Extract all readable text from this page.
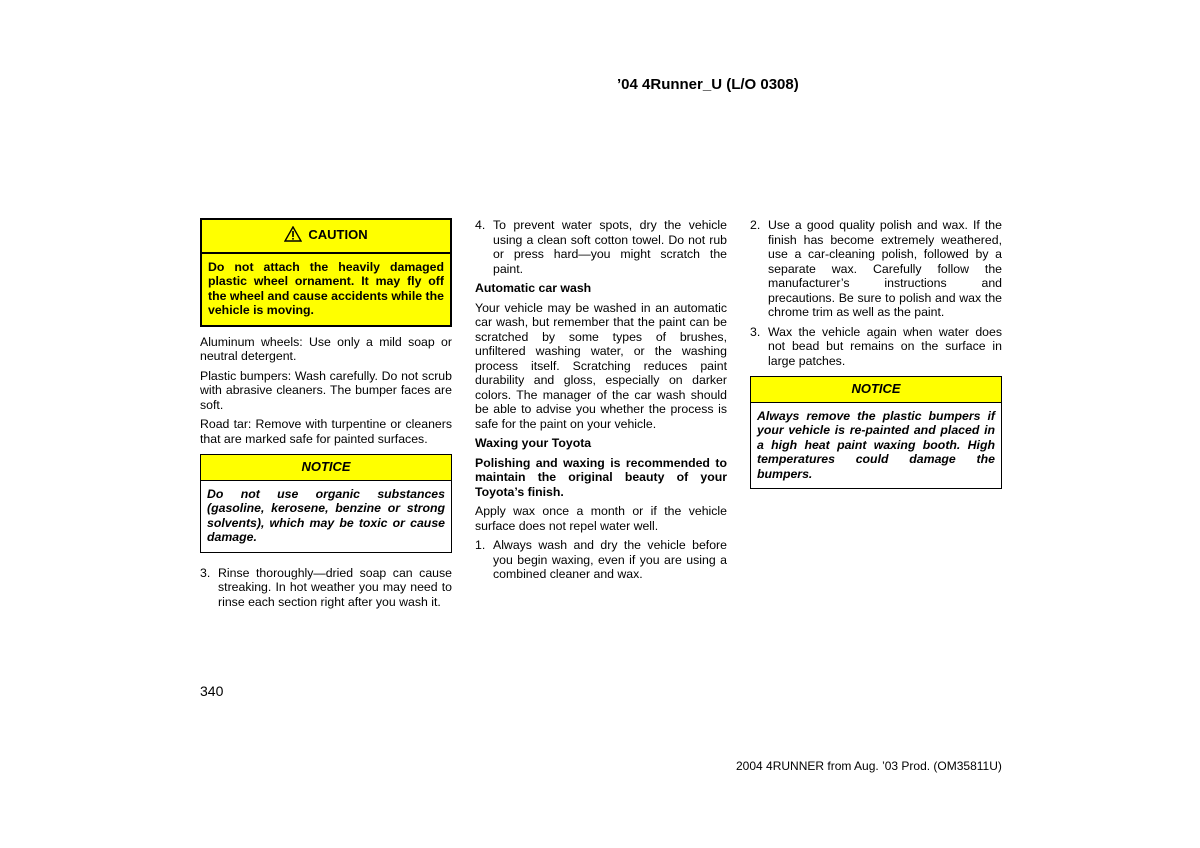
’04 4Runner_U (L/O 0308)
CAUTION
Do not attach the heavily damaged plastic wheel ornament. It may fly off the wheel and cause accidents while the vehicle is moving.

Aluminum wheels: Use only a mild soap or neutral detergent.

Plastic bumpers: Wash carefully. Do not scrub with abrasive cleaners. The bumper faces are soft.

Road tar: Remove with turpentine or cleaners that are marked safe for painted surfaces.

NOTICE
Do not use organic substances (gasoline, kerosene, benzine or strong solvents), which may be toxic or cause damage.
3. Rinse thoroughly—dried soap can cause streaking. In hot weather you may need to rinse each section right after you wash it.
4. To prevent water spots, dry the vehicle using a clean soft cotton towel. Do not rub or press hard—you might scratch the paint.

Automatic car wash

Your vehicle may be washed in an automatic car wash, but remember that the paint can be scratched by some types of brushes, unfiltered washing water, or the washing process itself. Scratching reduces paint durability and gloss, especially on darker colors. The manager of the car wash should be able to advise you whether the process is safe for the paint on your vehicle.

Waxing your Toyota

Polishing and waxing is recommended to maintain the original beauty of your Toyota’s finish.

Apply wax once a month or if the vehicle surface does not repel water well.

1. Always wash and dry the vehicle before you begin waxing, even if you are using a combined cleaner and wax.
2. Use a good quality polish and wax. If the finish has become extremely weathered, use a car-cleaning polish, followed by a separate wax. Carefully follow the manufacturer’s instructions and precautions. Be sure to polish and wax the chrome trim as well as the paint.
3. Wax the vehicle again when water does not bead but remains on the surface in large patches.
NOTICE
Always remove the plastic bumpers if your vehicle is re-painted and placed in a high heat paint waxing booth. High temperatures could damage the bumpers.
340
2004 4RUNNER from Aug. ’03 Prod. (OM35811U)
